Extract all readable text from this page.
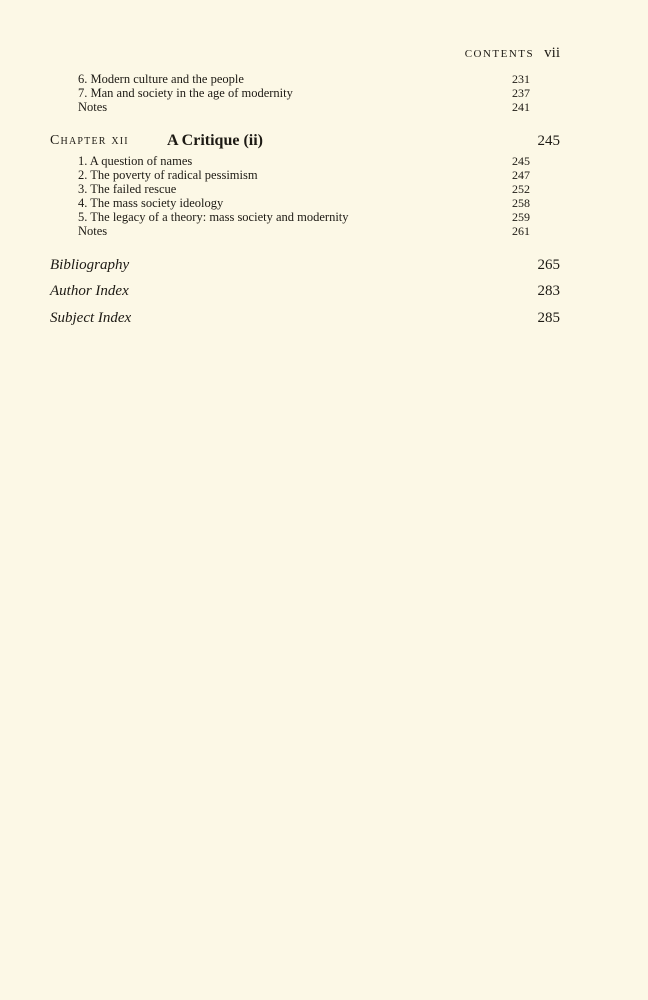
CONTENTS vii
6. Modern culture and the people	231
7. Man and society in the age of modernity	237
Notes	241
Chapter xii A Critique (ii)	245
1. A question of names	245
2. The poverty of radical pessimism	247
3. The failed rescue	252
4. The mass society ideology	258
5. The legacy of a theory: mass society and modernity	259
Notes	261
Bibliography	265
Author Index	283
Subject Index	285
